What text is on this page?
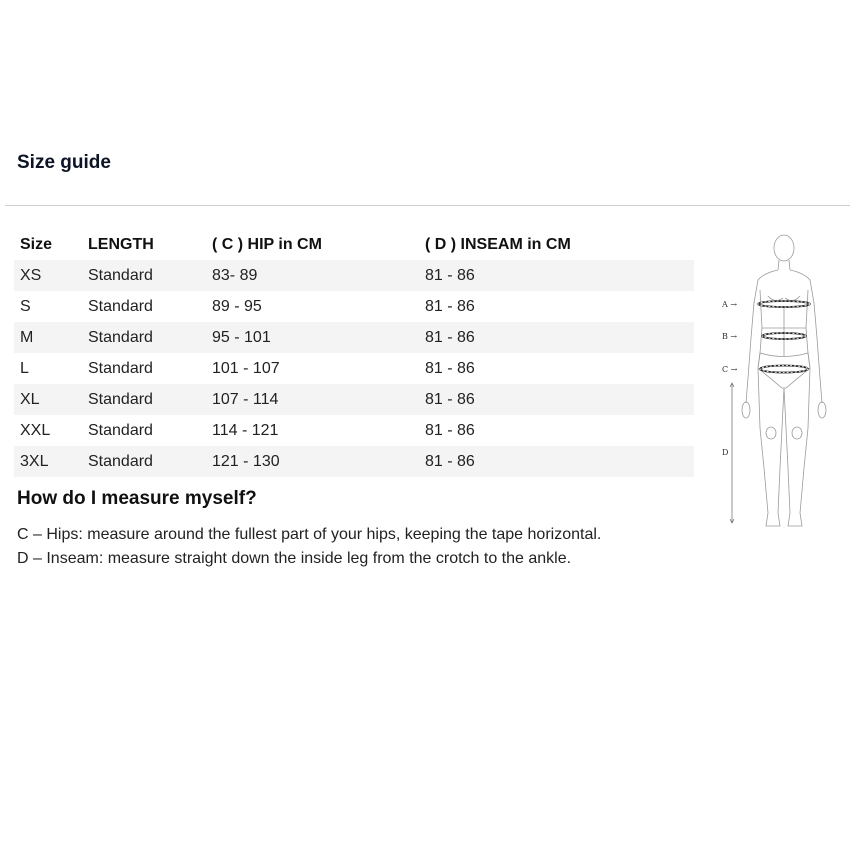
Size guide
Size	LENGTH	( C ) HIP in CM	( D ) INSEAM in CM
XS	Standard	83- 89	81 - 86
S	Standard	89 - 95	81 - 86
M	Standard	95 - 101	81 - 86
L	Standard	101 - 107	81 - 86
XL	Standard	107 - 114	81 - 86
XXL	Standard	114 - 121	81 - 86
3XL	Standard	121 - 130	81 - 86
How do I measure myself?

C – Hips: measure around the fullest part of your hips, keeping the tape horizontal.

D – Inseam: measure straight down the inside leg from the crotch to the ankle.

A →
B →
C →
D
